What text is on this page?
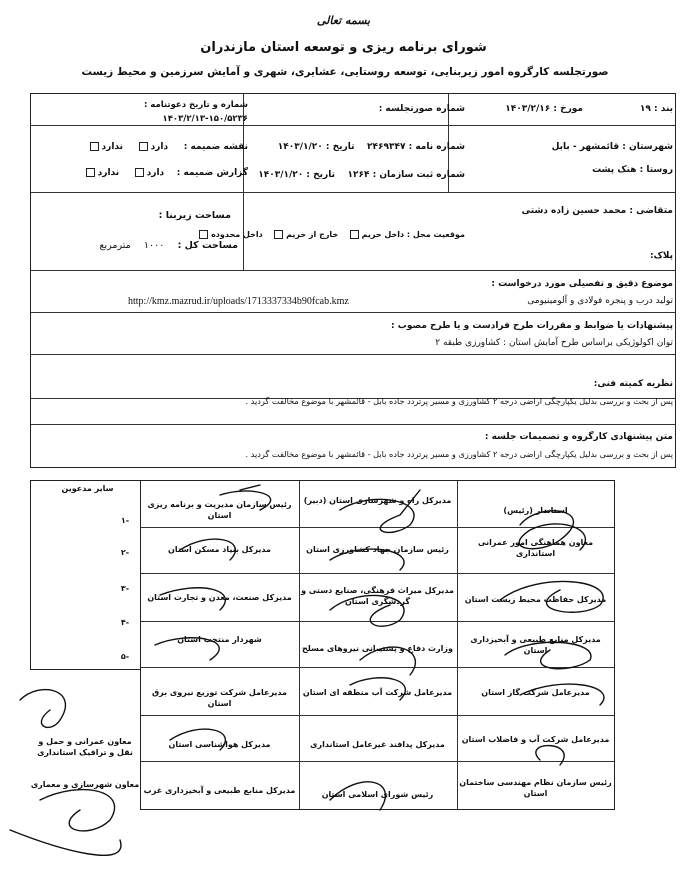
بسمه تعالی
شورای برنامه ریزی و توسعه استان مازندران
صورتجلسه کارگروه امور زیربنایی، توسعه روستایی، عشایری، شهری و آمایش سرزمین و محیط زیست
بند : ۱۹
مورخ : ۱۴۰۳/۲/۱۶
شماره صورتجلسه :
شماره و تاریخ دعوتنامه :
۱۴۰۳/۲/۱۳-۱۵۰/۵۲۳۶
شهرستان : قائمشهر - بابل
روستا : هنک پشت
شماره نامه : ۲۴۶۹۳۴۷    تاریخ : ۱۴۰۳/۱/۲۰
شماره ثبت سازمان : ۱۲۶۴    تاریخ : ۱۴۰۳/۱/۲۰
نقشه ضمیمه :     دارد    ندارد
گزارش ضمیمه :    دارد    ندارد
متقاضی : محمد حسین زاده دشتی
پلاک:
موقعیت محل : داخل حریم   خارج از حریم   داخل محدوده
مساحت زیربنا :
مساحت کل :    ۱۰۰۰    مترمربع
موضوع دقیق و تفصیلی مورد درخواست :
تولید درب و پنجره فولادی و آلومینیومی
http://kmz.mazrud.ir/uploads/1713337334b90fcab.kmz
پیشنهادات یا ضوابط و مقررات طرح فرادست و یا طرح مصوب :
توان اکولوژیکی براساس طرح آمایش استان : کشاورزی طبقه ۲
نظریه کمیته فنی:
پس از بحث و بررسی بدلیل یکپارچگی اراضی درجه ۲ کشاورزی و مسیر پرتردد جاده بابل - قائمشهر با موضوع مخالفت گردید .
متن پیشنهادی کارگروه و تصمیمات جلسه :
پس از بحث و بررسی بدلیل یکپارچگی اراضی درجه ۲ کشاورزی و مسیر پرتردد جاده بابل - قائمشهر با موضوع مخالفت گردید .
استاندار (رئیس)
معاون هماهنگی امور عمرانی استانداری
مدیرکل حفاظت محیط زیست استان
مدیرکل منابع طبیعی و آبخیزداری استان
مدیرعامل شرکت گاز استان
مدیرعامل شرکت آب و فاضلاب استان
رئیس سازمان نظام مهندسی ساختمان استان
مدیرکل راه و شهرسازی استان (دبیر)
رئیس سازمان جهاد کشاورزی استان
مدیرکل میراث فرهنگی، صنایع دستی و گردشگری استان
وزارت دفاع و پشتیبانی نیروهای مسلح
مدیرعامل شرکت آب منطقه ای استان
مدیرکل پدافند غیرعامل استانداری
رئیس شورای اسلامی استان
رئیس سازمان مدیریت و برنامه ریزی استان
مدیرکل بنیاد مسکن استان
مدیرکل صنعت، معدن و تجارت استان
شهردار منتخب استان
مدیرعامل شرکت توزیع نیروی برق استان
مدیرکل هواشناسی استان
مدیرکل منابع طبیعی و آبخیزداری غرب
سایر مدعوین
-۱
-۲
-۳
-۴
-۵
معاون عمرانی و حمل و نقل و ترافیک استانداری
معاون شهرسازی و معماری
